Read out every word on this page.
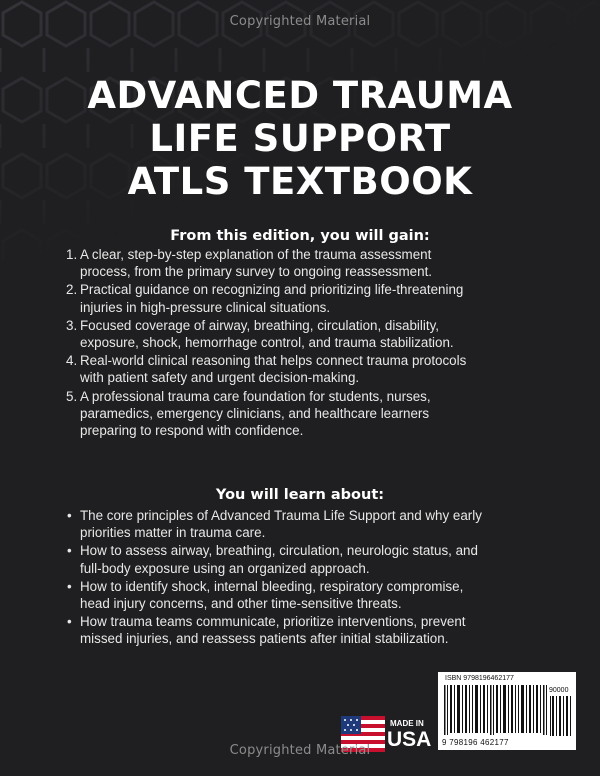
Copyrighted Material
ADVANCED TRAUMA
LIFE SUPPORT
ATLS TEXTBOOK
From this edition, you will gain:
1. A clear, step-by-step explanation of the trauma assessment
process, from the primary survey to ongoing reassessment.
2. Practical guidance on recognizing and prioritizing life-threatening
injuries in high-pressure clinical situations.
3. Focused coverage of airway, breathing, circulation, disability,
exposure, shock, hemorrhage control, and trauma stabilization.
4. Real-world clinical reasoning that helps connect trauma protocols
with patient safety and urgent decision-making.
5. A professional trauma care foundation for students, nurses,
paramedics, emergency clinicians, and healthcare learners
preparing to respond with confidence.
You will learn about:
• The core principles of Advanced Trauma Life Support and why early
priorities matter in trauma care.
• How to assess airway, breathing, circulation, neurologic status, and
full-body exposure using an organized approach.
• How to identify shock, internal bleeding, respiratory compromise,
head injury concerns, and other time-sensitive threats.
• How trauma teams communicate, prioritize interventions, prevent
missed injuries, and reassess patients after initial stabilization.
MADE IN
USA
ISBN 9798196462177
90000
9 798196 462177
Copyrighted Material
